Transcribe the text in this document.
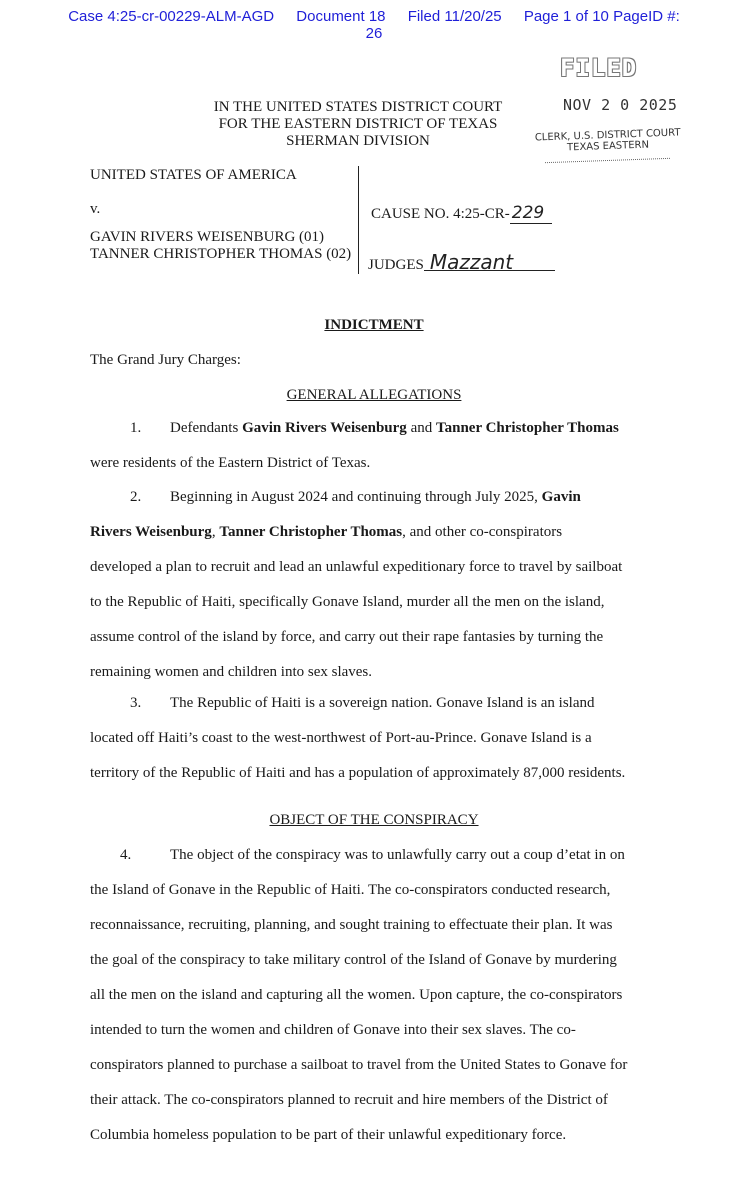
Case 4:25-cr-00229-ALM-AGD Document 18 Filed 11/20/25 Page 1 of 10 PageID #:
26
FILED
NOV 2 0 2025
CLERK, U.S. DISTRICT COURT
TEXAS EASTERN
IN THE UNITED STATES DISTRICT COURT
FOR THE EASTERN DISTRICT OF TEXAS
SHERMAN DIVISION
UNITED STATES OF AMERICA
v.
GAVIN RIVERS WEISENBURG (01)
TANNER CHRISTOPHER THOMAS (02)
CAUSE NO. 4:25-CR- 229
JUDGES Mazzant
INDICTMENT
The Grand Jury Charges:
GENERAL ALLEGATIONS
1. Defendants Gavin Rivers Weisenburg and Tanner Christopher Thomas
were residents of the Eastern District of Texas.
2. Beginning in August 2024 and continuing through July 2025, Gavin
Rivers Weisenburg, Tanner Christopher Thomas, and other co-conspirators
developed a plan to recruit and lead an unlawful expeditionary force to travel by sailboat
to the Republic of Haiti, specifically Gonave Island, murder all the men on the island,
assume control of the island by force, and carry out their rape fantasies by turning the
remaining women and children into sex slaves.
3. The Republic of Haiti is a sovereign nation. Gonave Island is an island
located off Haiti’s coast to the west-northwest of Port-au-Prince. Gonave Island is a
territory of the Republic of Haiti and has a population of approximately 87,000 residents.
OBJECT OF THE CONSPIRACY
4.	The object of the conspiracy was to unlawfully carry out a coup d’etat in on
the Island of Gonave in the Republic of Haiti. The co-conspirators conducted research,
reconnaissance, recruiting, planning, and sought training to effectuate their plan. It was
the goal of the conspiracy to take military control of the Island of Gonave by murdering
all the men on the island and capturing all the women. Upon capture, the co-conspirators
intended to turn the women and children of Gonave into their sex slaves. The co-
conspirators planned to purchase a sailboat to travel from the United States to Gonave for
their attack. The co-conspirators planned to recruit and hire members of the District of
Columbia homeless population to be part of their unlawful expeditionary force.
